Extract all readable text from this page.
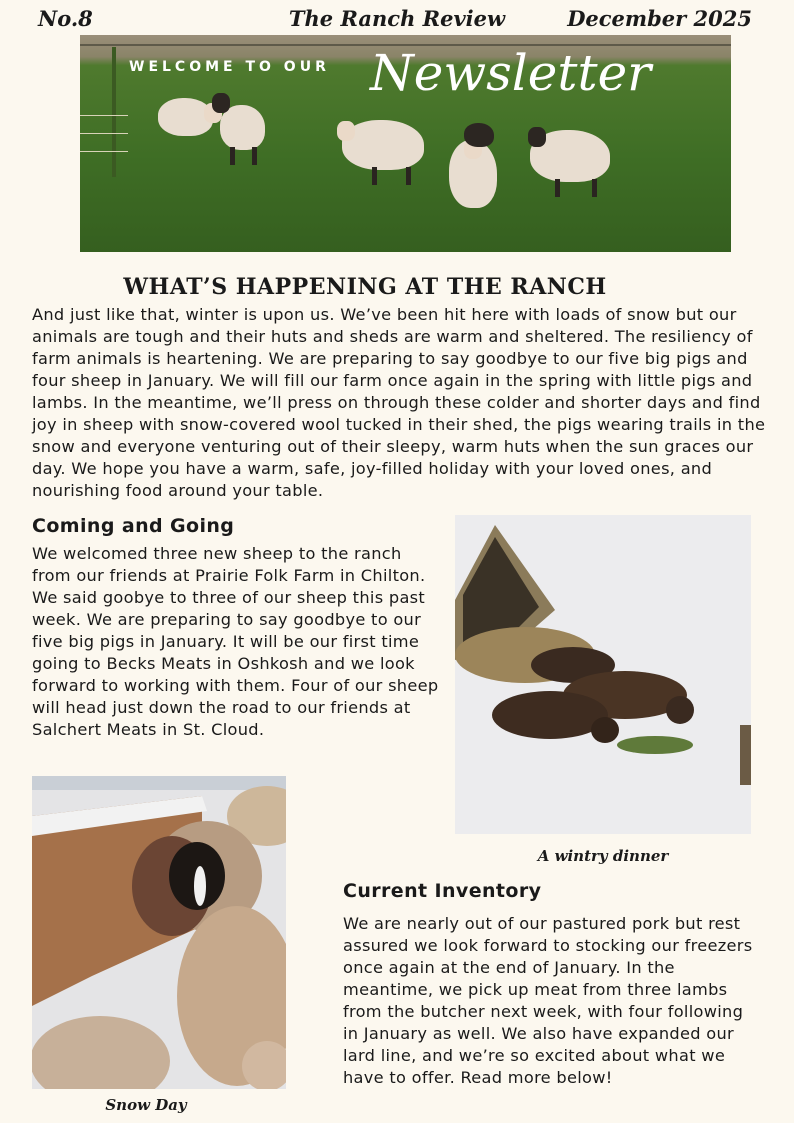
No.8	The Ranch Review	December 2025
WELCOME TO OUR Newsletter
WHAT’S HAPPENING AT THE RANCH
And just like that, winter is upon us. We’ve been hit here with loads of snow but our animals are tough and their huts and sheds are warm and sheltered. The resiliency of farm animals is heartening. We are preparing to say goodbye to our five big pigs and four sheep in January. We will fill our farm once again in the spring with little pigs and lambs. In the meantime, we’ll press on through these colder and shorter days and find joy in sheep with snow-covered wool tucked in their shed, the pigs wearing trails in the snow and everyone venturing out of their sleepy, warm huts when the sun graces our day. We hope you have a warm, safe, joy-filled holiday with your loved ones, and nourishing food around your table.
Coming and Going
We welcomed three new sheep to the ranch from our friends at Prairie Folk Farm in Chilton. We said goobye to three of our sheep this past week. We are preparing to say goodbye to our five big pigs in January. It will be our first time going to Becks Meats in Oshkosh and we look forward to working with them. Four of our sheep will head just down the road to our friends at Salchert Meats in St. Cloud.
A wintry dinner
Snow Day
Current Inventory
We are nearly out of our pastured pork but rest assured we look forward to stocking our freezers once again at the end of January. In the meantime, we pick up meat from three lambs from the butcher next week, with four following in January as well. We also have expanded our lard line, and we’re so excited about what we have to offer. Read more below!
